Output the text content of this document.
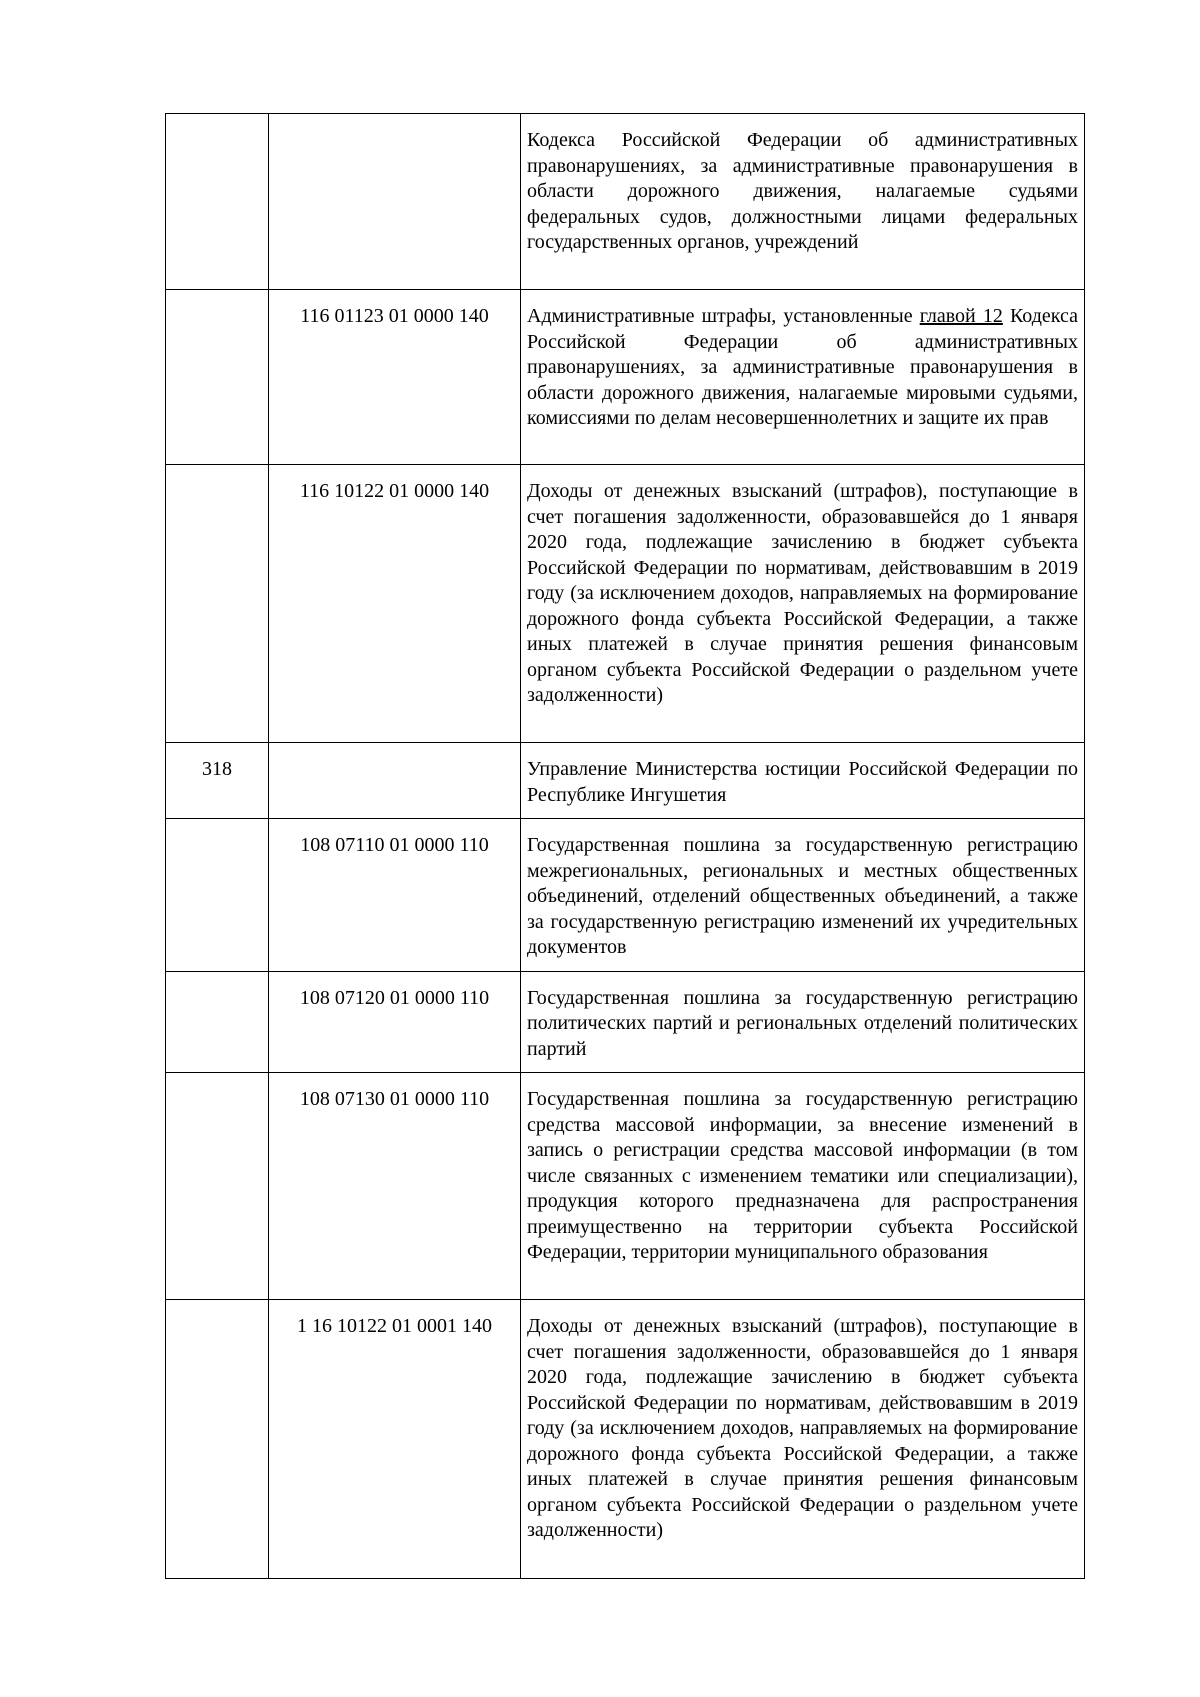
		Кодекса Российской Федерации об административных правонарушениях, за административные правонарушения в области дорожного движения, налагаемые судьями федеральных судов, должностными лицами федеральных государственных органов, учреждений
	116 01123 01 0000 140	Административные штрафы, установленные главой 12 Кодекса Российской Федерации об административных правонарушениях, за административные правонарушения в области дорожного движения, налагаемые мировыми судьями, комиссиями по делам несовершеннолетних и защите их прав
	116 10122 01 0000 140	Доходы от денежных взысканий (штрафов), поступающие в счет погашения задолженности, образовавшейся до 1 января 2020 года, подлежащие зачислению в бюджет субъекта Российской Федерации по нормативам, действовавшим в 2019 году (за исключением доходов, направляемых на формирование дорожного фонда субъекта Российской Федерации, а также иных платежей в случае принятия решения финансовым органом субъекта Российской Федерации о раздельном учете задолженности)
318		Управление Министерства юстиции Российской Федерации по Республике Ингушетия
	108 07110 01 0000 110	Государственная пошлина за государственную регистрацию межрегиональных, региональных и местных общественных объединений, отделений общественных объединений, а также за государственную регистрацию изменений их учредительных документов
	108 07120 01 0000 110	Государственная пошлина за государственную регистрацию политических партий и региональных отделений политических партий
	108 07130 01 0000 110	Государственная пошлина за государственную регистрацию средства массовой информации, за внесение изменений в запись о регистрации средства массовой информации (в том числе связанных с изменением тематики или специализации), продукция которого предназначена для распространения преимущественно на территории субъекта Российской Федерации, территории муниципального образования
	1 16 10122 01 0001 140	Доходы от денежных взысканий (штрафов), поступающие в счет погашения задолженности, образовавшейся до 1 января 2020 года, подлежащие зачислению в бюджет субъекта Российской Федерации по нормативам, действовавшим в 2019 году (за исключением доходов, направляемых на формирование дорожного фонда субъекта Российской Федерации, а также иных платежей в случае принятия решения финансовым органом субъекта Российской Федерации о раздельном учете задолженности)
